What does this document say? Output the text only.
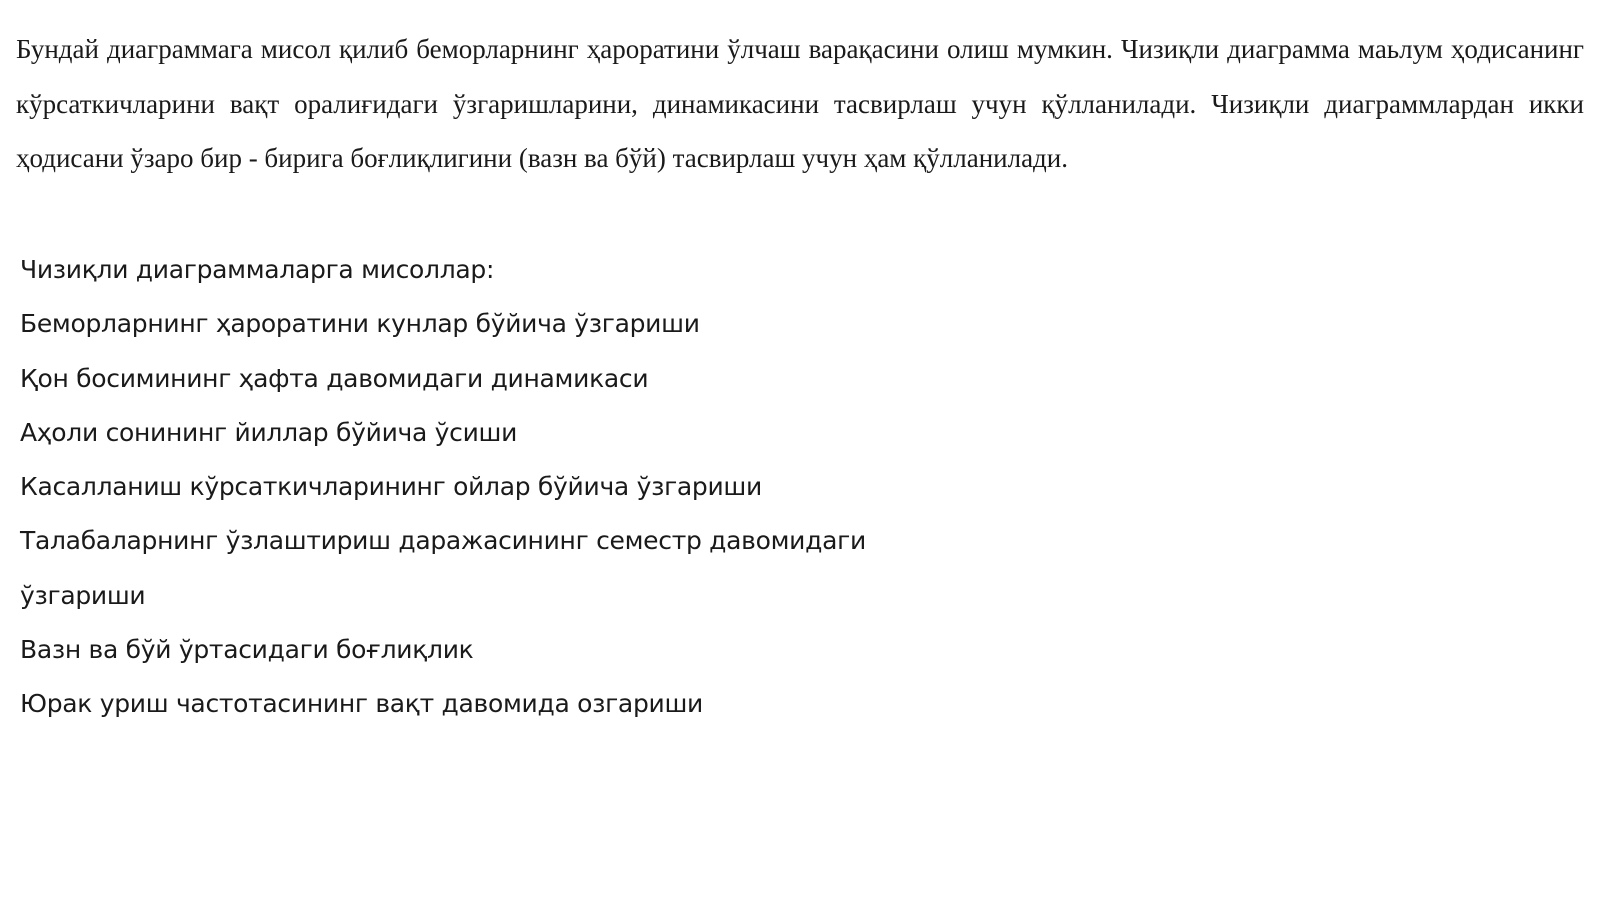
Бундай диаграммага мисол қилиб беморларнинг ҳароратини ўлчаш варақасини олиш мумкин. Чизиқли диаграмма маьлум ҳодисанинг кўрсаткичларини вақт оралиғидаги ўзгаришларини, динамикасини тасвирлаш учун қўлланилади. Чизиқли диаграммлардан икки ҳодисани ўзаро бир - бирига боғлиқлигини (вазн ва бўй) тасвирлаш учун ҳам қўлланилади.

Чизиқли диаграммаларга мисоллар:
Беморларнинг ҳароратини кунлар бўйича ўзгариши
Қон босимининг ҳафта давомидаги динамикаси
Аҳоли сонининг йиллар бўйича ўсиши
Касалланиш кўрсаткичларининг ойлар бўйича ўзгариши
Талабаларнинг ўзлаштириш даражасининг семестр давомидаги
ўзгариши
Вазн ва бўй ўртасидаги боғлиқлик
Юрак уриш частотасининг вақт давомида озгариши
